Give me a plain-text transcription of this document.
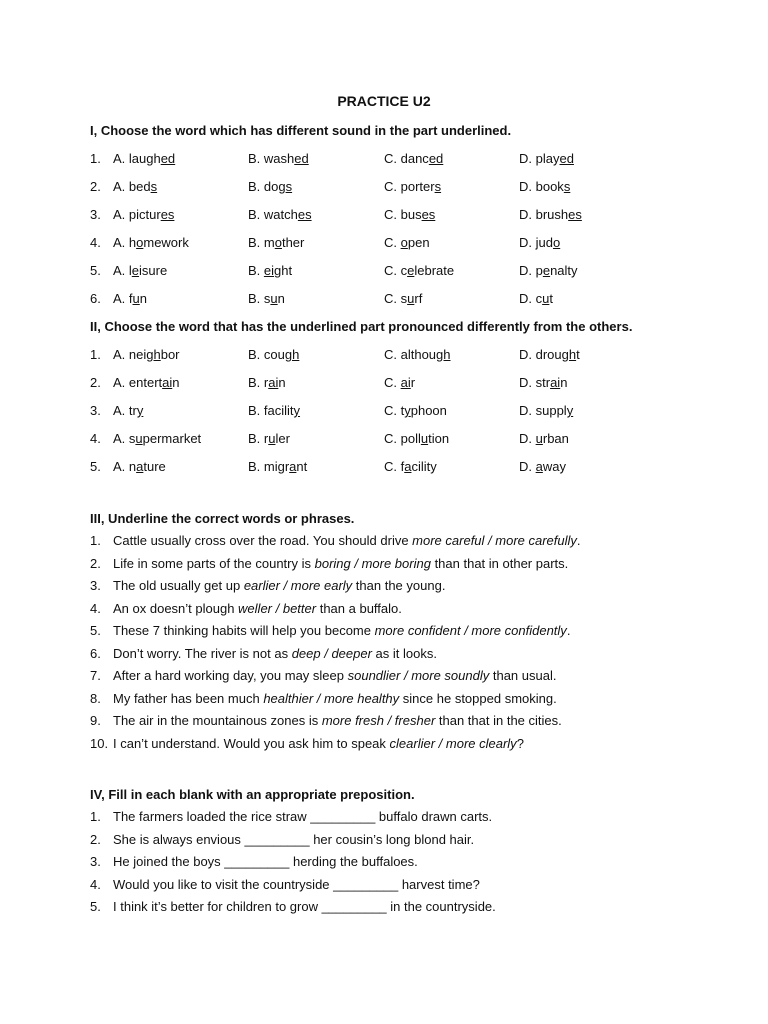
PRACTICE U2
I, Choose the word which has different sound in the part underlined.
1. A. laughed	B. washed	C. danced	D. played
2. A. beds	B. dogs	C. porters	D. books
3. A. pictures	B. watches	C. buses	D. brushes
4. A. homework	B. mother	C. open	D. judo
5. A. leisure	B. eight	C. celebrate	D. penalty
6. A. fun	B. sun	C. surf	D. cut
II, Choose the word that has the underlined part pronounced differently from the others.
1. A. neighbor	B. cough	C. although	D. drought
2. A. entertain	B. rain	C. air	D. strain
3. A. try	B. facility	C. typhoon	D. supply
4. A. supermarket	B. ruler	C. pollution	D. urban
5. A. nature	B. migrant	C. facility	D. away
III, Underline the correct words or phrases.
1. Cattle usually cross over the road. You should drive more careful / more carefully.
2. Life in some parts of the country is boring / more boring than that in other parts.
3. The old usually get up earlier / more early than the young.
4. An ox doesn’t plough weller / better than a buffalo.
5. These 7 thinking habits will help you become more confident / more confidently.
6. Don’t worry. The river is not as deep / deeper as it looks.
7. After a hard working day, you may sleep soundlier / more soundly than usual.
8. My father has been much healthier / more healthy since he stopped smoking.
9. The air in the mountainous zones is more fresh / fresher than that in the cities.
10. I can’t understand. Would you ask him to speak clearlier / more clearly?
IV, Fill in each blank with an appropriate preposition.
1. The farmers loaded the rice straw _________ buffalo drawn carts.
2. She is always envious _________ her cousin’s long blond hair.
3. He joined the boys _________ herding the buffaloes.
4. Would you like to visit the countryside _________ harvest time?
5. I think it’s better for children to grow _________ in the countryside.
